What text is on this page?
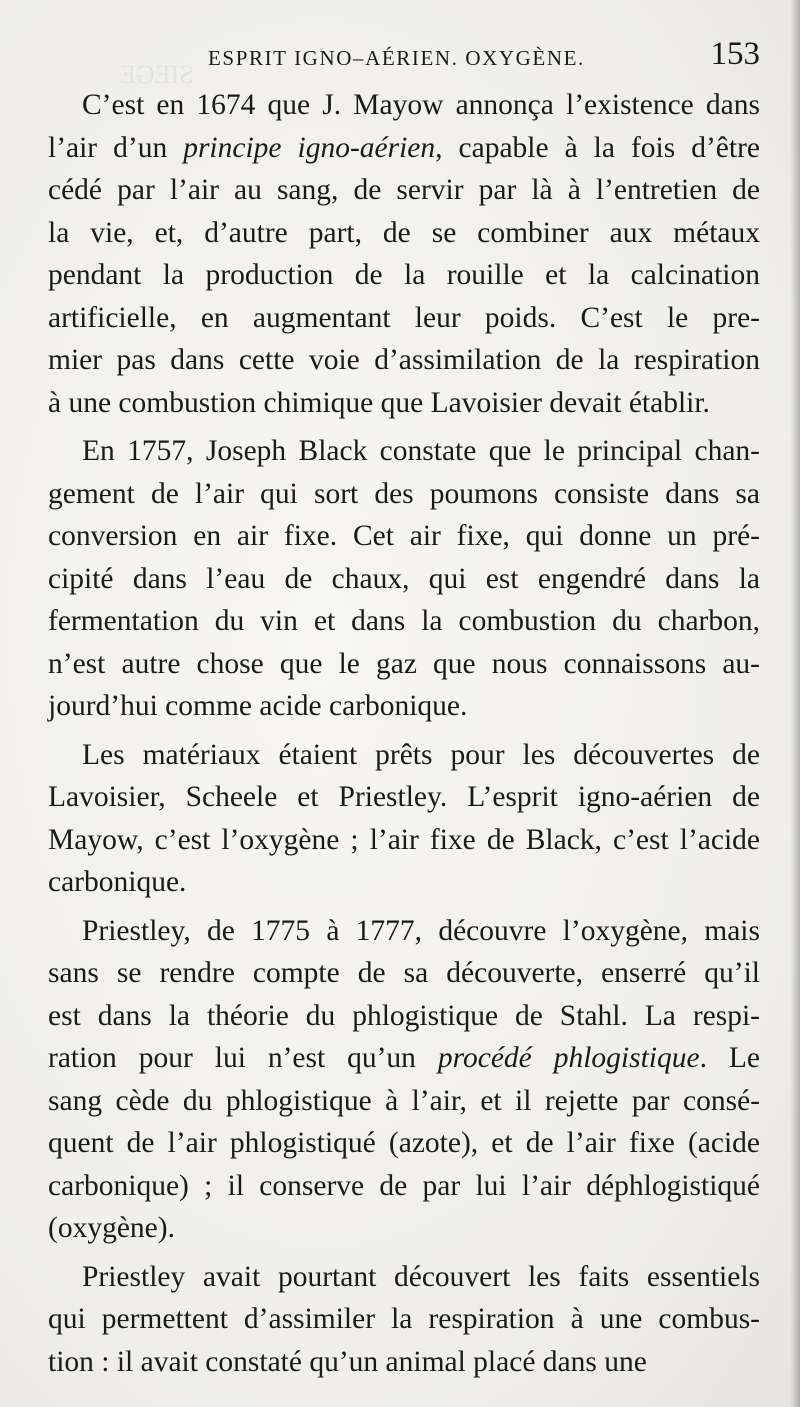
SIEGE
ESPRIT IGNO–AÉRIEN. OXYGÈNE.	153
C’est en 1674 que J. Mayow annonça l’existence dans
l’air d’un principe igno-aérien, capable à la fois d’être
cédé par l’air au sang, de servir par là à l’entretien de
la vie, et, d’autre part, de se combiner aux métaux
pendant la production de la rouille et la calcination
artificielle, en augmentant leur poids. C’est le pre-
mier pas dans cette voie d’assimilation de la respiration
à une combustion chimique que Lavoisier devait établir.
En 1757, Joseph Black constate que le principal chan-
gement de l’air qui sort des poumons consiste dans sa
conversion en air fixe. Cet air fixe, qui donne un pré-
cipité dans l’eau de chaux, qui est engendré dans la
fermentation du vin et dans la combustion du charbon,
n’est autre chose que le gaz que nous connaissons au-
jourd’hui comme acide carbonique.
Les matériaux étaient prêts pour les découvertes de
Lavoisier, Scheele et Priestley. L’esprit igno-aérien de
Mayow, c’est l’oxygène ; l’air fixe de Black, c’est l’acide
carbonique.
Priestley, de 1775 à 1777, découvre l’oxygène, mais
sans se rendre compte de sa découverte, enserré qu’il
est dans la théorie du phlogistique de Stahl. La respi-
ration pour lui n’est qu’un procédé phlogistique. Le
sang cède du phlogistique à l’air, et il rejette par consé-
quent de l’air phlogistiqué (azote), et de l’air fixe (acide
carbonique) ; il conserve de par lui l’air déphlogistiqué
(oxygène).
Priestley avait pourtant découvert les faits essentiels
qui permettent d’assimiler la respiration à une combus-
tion : il avait constaté qu’un animal placé dans une
